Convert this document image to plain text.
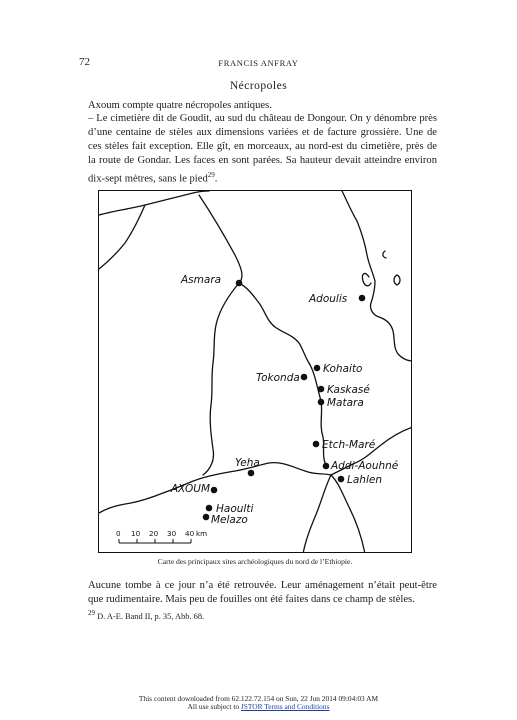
72	FRANCIS ANFRAY
Nécropoles
Axoum compte quatre nécropoles antiques.
– Le cimetière dit de Goudit, au sud du château de Dongour. On y dénombre près d’une centaine de stèles aux dimensions variées et de facture grossière. Une de ces stèles fait exception. Elle gît, en morceaux, au nord-est du cimetière, près de la route de Gondar. Les faces en sont parées. Sa hauteur devait atteindre environ dix-sept mètres, sans le pied$^{29}$.
Asmara
Adoulis
Kohaito
Tokonda
Kaskasé
Matara
Etch-Maré
Addi-Aouhné
Lahlen
Yeha
AXOUM
Haoulti
Melazo
0 10 20 30 40 km
Carte des principaux sites archéologiques du nord de l’Ethiopie.
Aucune tombe à ce jour n’a été retrouvée. Leur aménagement n’était peut-être que rudimentaire. Mais peu de fouilles ont été faites dans ce champ de stèles.
$^{29}$ D. A-E. Band II, p. 35, Abb. 68.
This content downloaded from 62.122.72.154 on Sun, 22 Jun 2014 09:04:03 AM
All use subject to JSTOR Terms and Conditions
